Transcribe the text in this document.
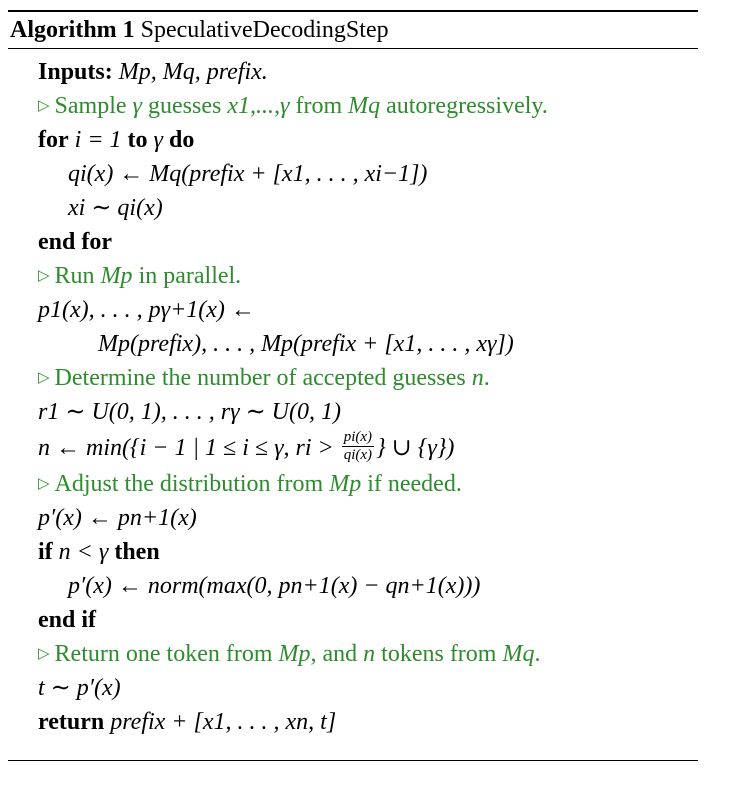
Algorithm 1 SpeculativeDecodingStep
Inputs: Mp, Mq, prefix.
▷ Sample γ guesses x1,...,γ from Mq autoregressively.
for i = 1 to γ do
qi(x) ← Mq(prefix + [x1, . . . , xi−1])
xi ∼ qi(x)
end for
▷ Run Mp in parallel.
p1(x), . . . , pγ+1(x) ←
Mp(prefix), . . . , Mp(prefix + [x1, . . . , xγ])
▷ Determine the number of accepted guesses n.
r1 ∼ U(0, 1), . . . , rγ ∼ U(0, 1)
n ← min({i − 1 | 1 ≤ i ≤ γ, ri > $\frac{pi(x)}{qi(x)}$ } ∪ {γ})
▷ Adjust the distribution from Mp if needed.
p′(x) ← pn+1(x)
if n < γ then
p′(x) ← norm(max(0, pn+1(x) − qn+1(x)))
end if
▷ Return one token from Mp, and n tokens from Mq.
t ∼ p′(x)
return prefix + [x1, . . . , xn, t]
